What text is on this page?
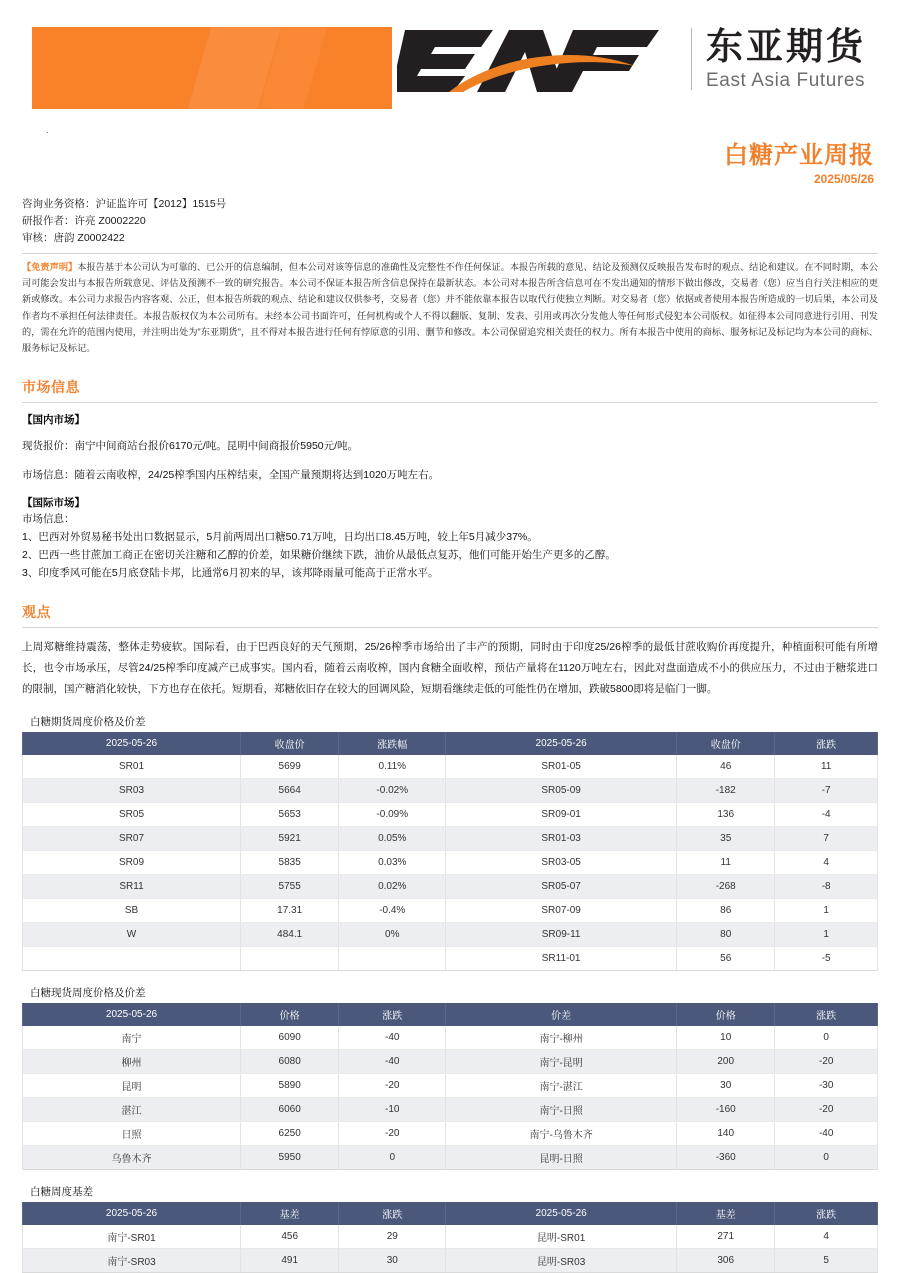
东亚期货
East Asia Futures
.
白糖产业周报
2025/05/26
咨询业务资格：沪证监许可【2012】1515号
研报作者：许亮 Z0002220
审核：唐韵 Z0002422
【免责声明】本报告基于本公司认为可靠的、已公开的信息编制，但本公司对该等信息的准确性及完整性不作任何保证。本报告所载的意见、结论及预测仅反映报告发布时的观点、结论和建议。在不同时期，本公司可能会发出与本报告所载意见、评估及预测不一致的研究报告。本公司不保证本报告所含信息保持在最新状态。本公司对本报告所含信息可在不发出通知的情形下做出修改，交易者（您）应当自行关注相应的更新或修改。本公司力求报告内容客观、公正，但本报告所载的观点、结论和建议仅供参考，交易者（您）并不能依靠本报告以取代行使独立判断。对交易者（您）依据或者使用本报告所造成的一切后果，本公司及作者均不承担任何法律责任。本报告版权仅为本公司所有。未经本公司书面许可，任何机构或个人不得以翻版、复制、发表、引用或再次分发他人等任何形式侵犯本公司版权。如征得本公司同意进行引用、刊发的，需在允许的范围内使用，并注明出处为"东亚期货"，且不得对本报告进行任何有悖原意的引用、删节和修改。本公司保留追究相关责任的权力。所有本报告中使用的商标、服务标记及标记均为本公司的商标、服务标记及标记。
市场信息
【国内市场】
现货报价：南宁中间商站台报价6170元/吨。昆明中间商报价5950元/吨。
市场信息：随着云南收榨，24/25榨季国内压榨结束，全国产量预期将达到1020万吨左右。
【国际市场】
市场信息：
1、巴西对外贸易秘书处出口数据显示，5月前两周出口糖50.71万吨，日均出口8.45万吨，较上年5月减少37%。
2、巴西一些甘蔗加工商正在密切关注糖和乙醇的价差，如果糖价继续下跌，油价从最低点复苏，他们可能开始生产更多的乙醇。
3、印度季风可能在5月底登陆卡邦，比通常6月初来的早，该邦降雨量可能高于正常水平。
观点
上周郑糖维持震荡，整体走势疲软。国际看，由于巴西良好的天气预期，25/26榨季市场给出了丰产的预期，同时由于印度25/26榨季的最低甘蔗收购价再度提升，种植面积可能有所增长，也令市场承压，尽管24/25榨季印度减产已成事实。国内看，随着云南收榨，国内食糖全面收榨，预估产量将在1120万吨左右，因此对盘面造成不小的供应压力，不过由于糖浆进口的限制，国产糖消化较快，下方也存在依托。短期看，郑糖依旧存在较大的回调风险，短期看继续走低的可能性仍在增加，跌破5800即将是临门一脚。
白糖期货周度价格及价差
2025-05-26	收盘价	涨跌幅	2025-05-26	收盘价	涨跌
SR01	5699	0.11%	SR01-05	46	11
SR03	5664	-0.02%	SR05-09	-182	-7
SR05	5653	-0.09%	SR09-01	136	-4
SR07	5921	0.05%	SR01-03	35	7
SR09	5835	0.03%	SR03-05	11	4
SR11	5755	0.02%	SR05-07	-268	-8
SB	17.31	-0.4%	SR07-09	86	1
W	484.1	0%	SR09-11	80	1
			SR11-01	56	-5
白糖现货周度价格及价差
2025-05-26	价格	涨跌	价差	价格	涨跌
南宁	6090	-40	南宁-柳州	10	0
柳州	6080	-40	南宁-昆明	200	-20
昆明	5890	-20	南宁-湛江	30	-30
湛江	6060	-10	南宁-日照	-160	-20
日照	6250	-20	南宁-乌鲁木齐	140	-40
乌鲁木齐	5950	0	昆明-日照	-360	0
白糖周度基差
2025-05-26	基差	涨跌	2025-05-26	基差	涨跌
南宁-SR01	456	29	昆明-SR01	271	4
南宁-SR03	491	30	昆明-SR03	306	5
